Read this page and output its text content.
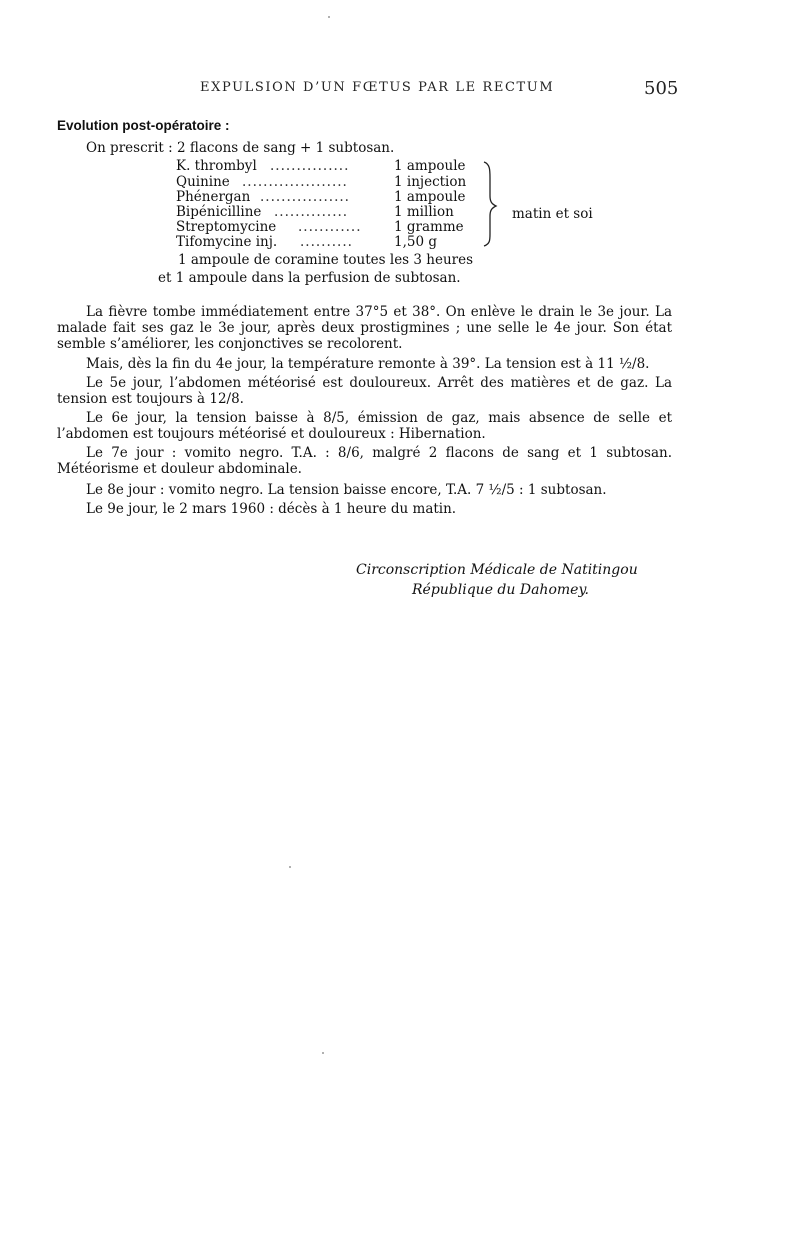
EXPULSION D’UN FŒTUS PAR LE RECTUM	505
Evolution post-opératoire :
On prescrit : 2 flacons de sang + 1 subtosan.
K. thrombyl ...............	1 ampoule
Quinine ....................	1 injection
Phénergan .................	1 ampoule
Bipénicilline ..............	1 million
Streptomycine ............ 1 gramme
Tifomycine inj. ..........	1,50 g
matin et soi
1 ampoule de coramine toutes les 3 heures
et 1 ampoule dans la perfusion de subtosan.
La fièvre tombe immédiatement entre 37°5 et 38°. On enlève le drain le 3e jour. La malade fait ses gaz le 3e jour, après deux prostigmines ; une selle le 4e jour. Son état semble s’améliorer, les conjonctives se recolorent.
Mais, dès la fin du 4e jour, la température remonte à 39°. La tension est à 11 ½/8.
Le 5e jour, l’abdomen météorisé est douloureux. Arrêt des matières et de gaz. La tension est toujours à 12/8.
Le 6e jour, la tension baisse à 8/5, émission de gaz, mais absence de selle et l’abdomen est toujours météorisé et douloureux : Hibernation.
Le 7e jour : vomito negro. T.A. : 8/6, malgré 2 flacons de sang et 1 subtosan. Météorisme et douleur abdominale.
Le 8e jour : vomito negro. La tension baisse encore, T.A. 7 ½/5 : 1 subtosan.
Le 9e jour, le 2 mars 1960 : décès à 1 heure du matin.
Circonscription Médicale de Natitingou
République du Dahomey.
